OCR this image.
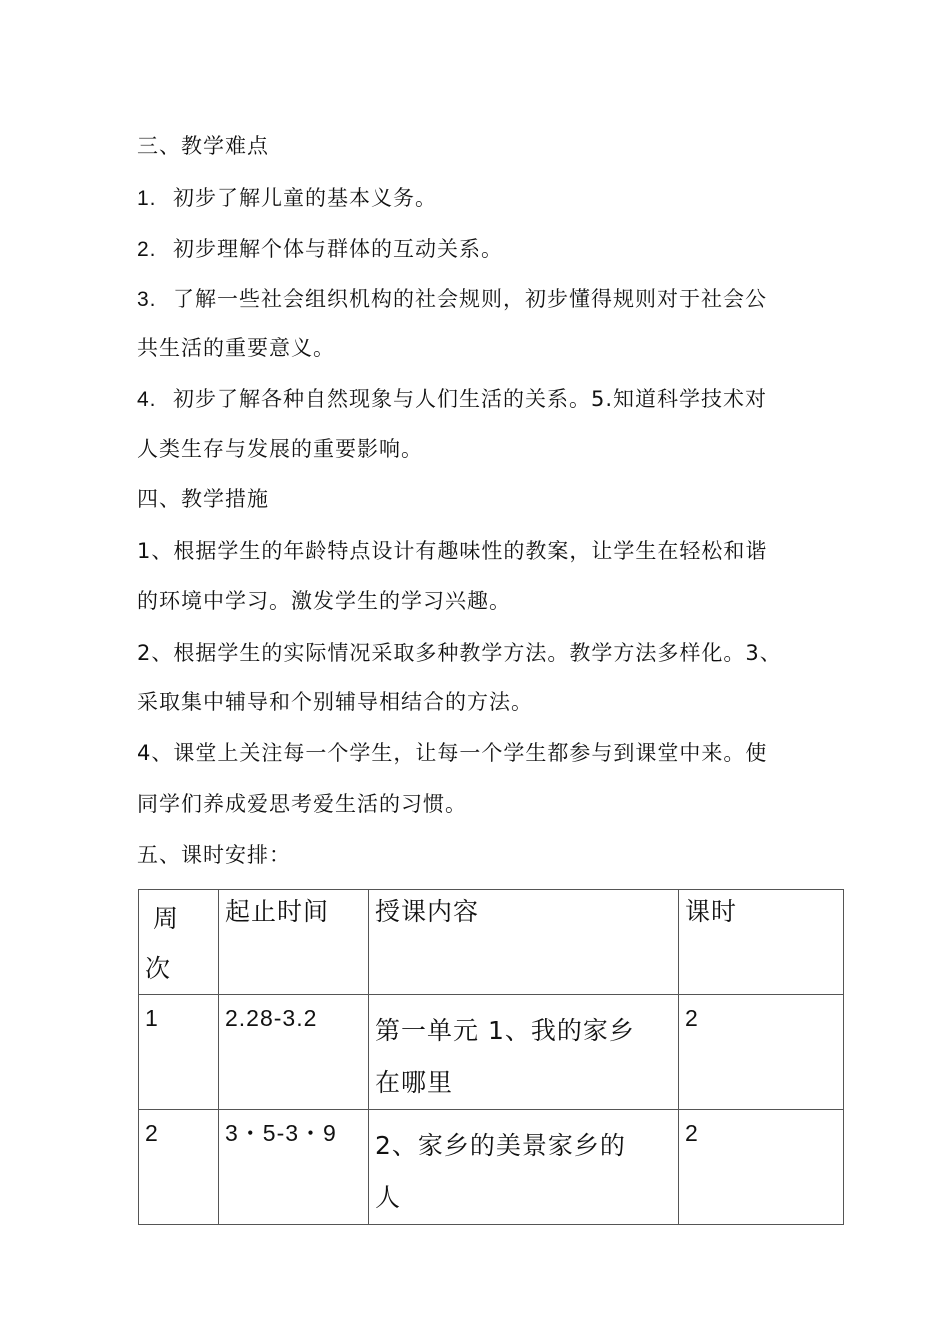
三、教学难点
1. 初步了解儿童的基本义务。
2. 初步理解个体与群体的互动关系。
3. 了解一些社会组织机构的社会规则，初步懂得规则对于社会公
共生活的重要意义。
4. 初步了解各种自然现象与人们生活的关系。5.知道科学技术对
人类生存与发展的重要影响。
四、教学措施
1、根据学生的年龄特点设计有趣味性的教案，让学生在轻松和谐
的环境中学习。激发学生的学习兴趣。
2、根据学生的实际情况采取多种教学方法。教学方法多样化。3、
采取集中辅导和个别辅导相结合的方法。
4、课堂上关注每一个学生，让每一个学生都参与到课堂中来。使
同学们养成爱思考爱生活的习惯。
五、课时安排：
周
次	起止时间	授课内容	课时
1	2.28-3.2	第一单元 1、我的家乡
在哪里	2
2	3・5-3・9	2、家乡的美景家乡的
人	2
